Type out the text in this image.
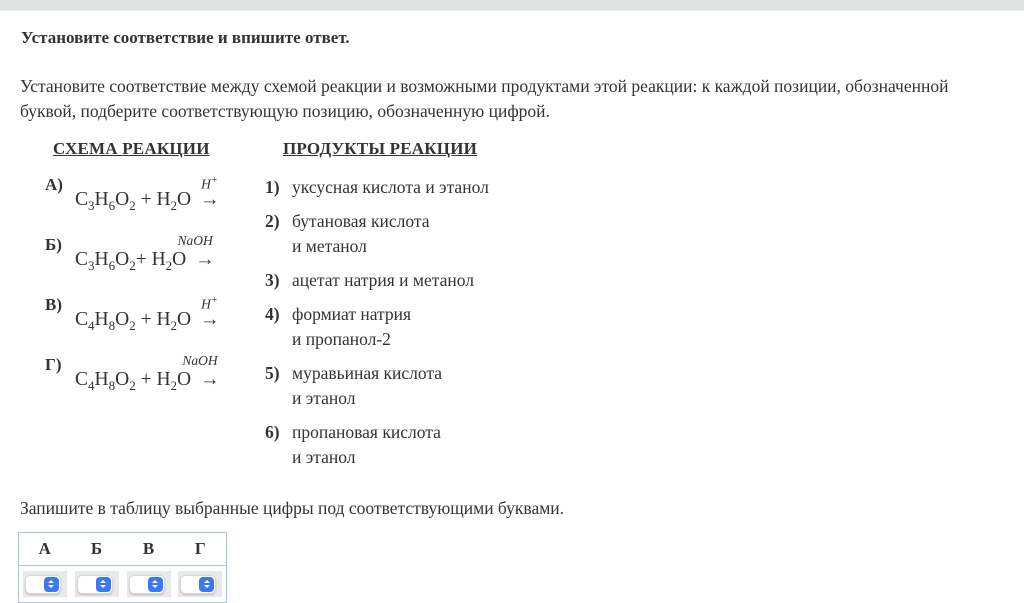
Установите соответствие и впишите ответ.

Установите соответствие между схемой реакции и возможными продуктами этой реакции: к каждой позиции, обозначенной буквой, подберите соответствующую позицию, обозначенную цифрой.

СХЕМА РЕАКЦИИ
А)	H+
$C_3H_6O_2 + H_2O$ →
Б)	NaOH
$C_3H_6O_2+ H_2O$ →
В)	H+
$C_4H_8O_2 + H_2O$ →
Г)	NaOH
$C_4H_8O_2 + H_2O$ →
ПРОДУКТЫ РЕАКЦИИ
1) уксусная кислота и этанол
2) бутановая кислота
и метанол
3) ацетат натрия и метанол
4) формиат натрия
и пропанол-2
5) муравьиная кислота
и этанол
6) пропановая кислота
и этанол

Запишите в таблицу выбранные цифры под соответствующими буквами.

А	Б	В	Г
